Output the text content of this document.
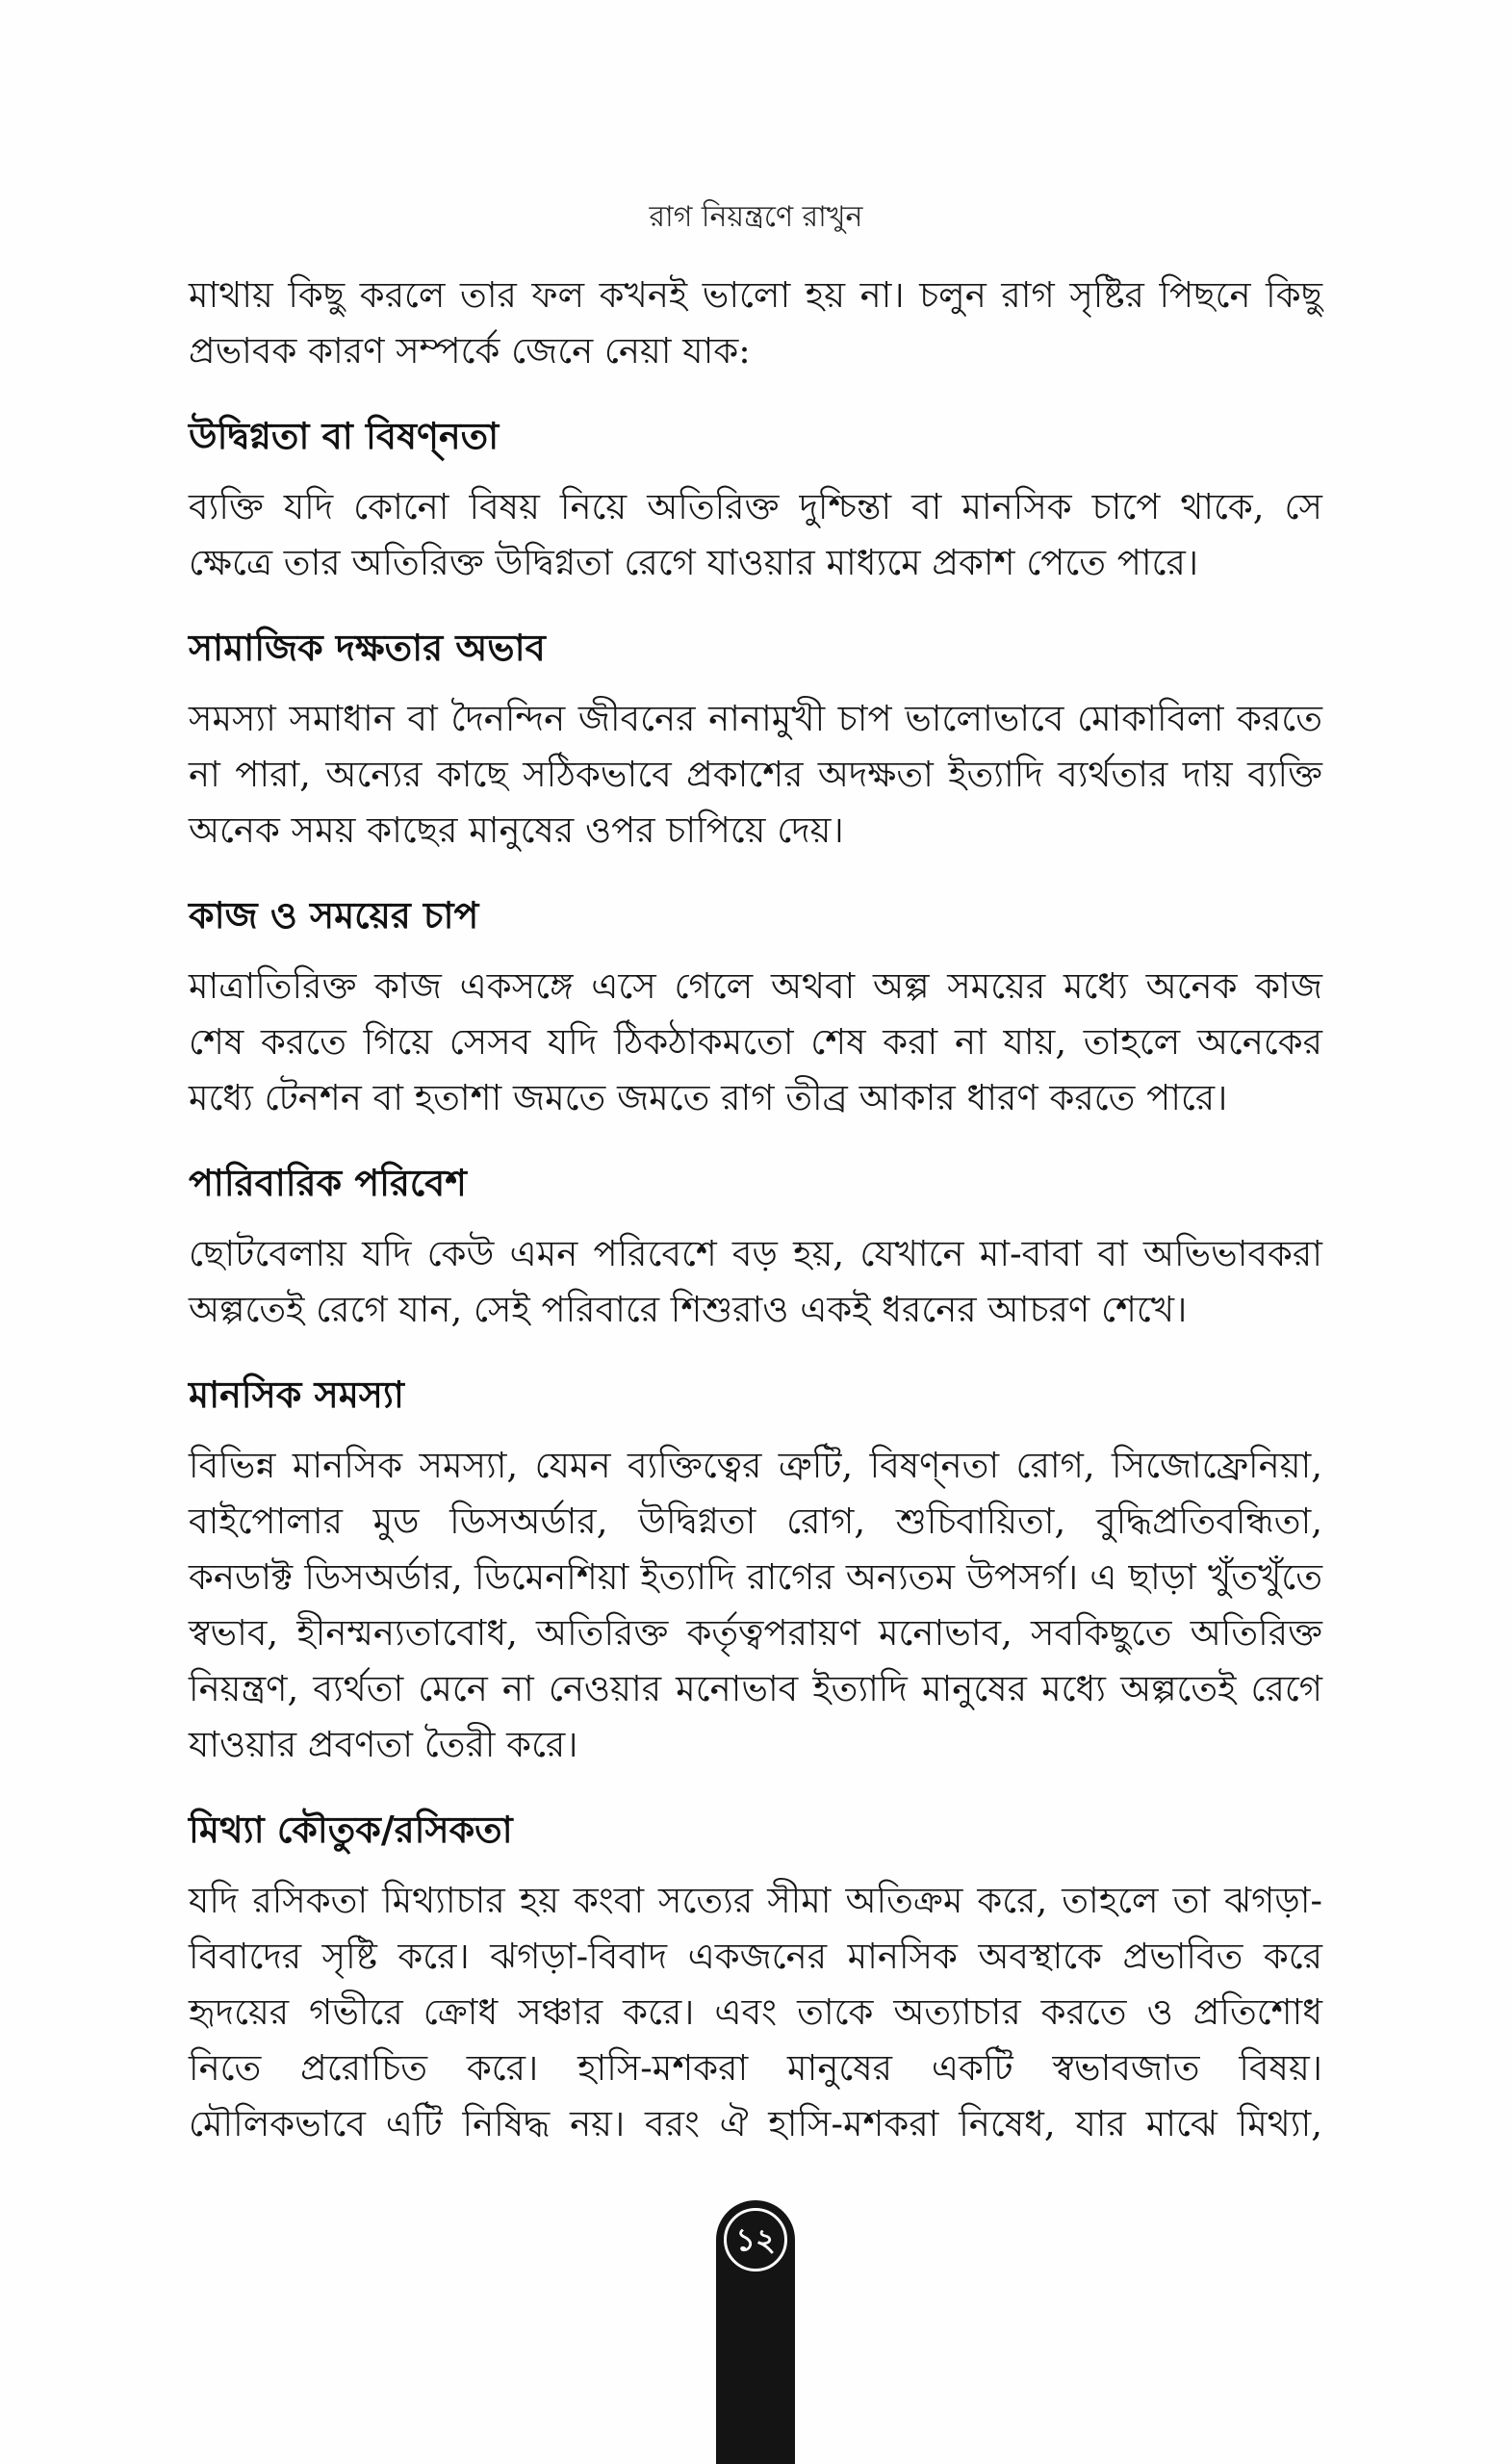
রাগ নিয়ন্ত্রণে রাখুন
মাথায় কিছু করলে তার ফল কখনই ভালো হয় না। চলুন রাগ সৃষ্টির পিছনে কিছু
প্রভাবক কারণ সম্পর্কে জেনে নেয়া যাক:
উদ্বিগ্নতা বা বিষণ্নতা
ব্যক্তি যদি কোনো বিষয় নিয়ে অতিরিক্ত দুশ্চিন্তা বা মানসিক চাপে থাকে, সে
ক্ষেত্রে তার অতিরিক্ত উদ্বিগ্নতা রেগে যাওয়ার মাধ্যমে প্রকাশ পেতে পারে।
সামাজিক দক্ষতার অভাব
সমস্যা সমাধান বা দৈনন্দিন জীবনের নানামুখী চাপ ভালোভাবে মোকাবিলা করতে
না পারা, অন্যের কাছে সঠিকভাবে প্রকাশের অদক্ষতা ইত্যাদি ব্যর্থতার দায় ব্যক্তি
অনেক সময় কাছের মানুষের ওপর চাপিয়ে দেয়।
কাজ ও সময়ের চাপ
মাত্রাতিরিক্ত কাজ একসঙ্গে এসে গেলে অথবা অল্প সময়ের মধ্যে অনেক কাজ
শেষ করতে গিয়ে সেসব যদি ঠিকঠাকমতো শেষ করা না যায়, তাহলে অনেকের
মধ্যে টেনশন বা হতাশা জমতে জমতে রাগ তীব্র আকার ধারণ করতে পারে।
পারিবারিক পরিবেশ
ছোটবেলায় যদি কেউ এমন পরিবেশে বড় হয়, যেখানে মা-বাবা বা অভিভাবকরা
অল্পতেই রেগে যান, সেই পরিবারে শিশুরাও একই ধরনের আচরণ শেখে।
মানসিক সমস্যা
বিভিন্ন মানসিক সমস্যা, যেমন ব্যক্তিত্বের ত্রুটি, বিষণ্নতা রোগ, সিজোফ্রেনিয়া,
বাইপোলার মুড ডিসঅর্ডার, উদ্বিগ্নতা রোগ, শুচিবায়িতা, বুদ্ধিপ্রতিবন্ধিতা,
কনডাক্ট ডিসঅর্ডার, ডিমেনশিয়া ইত্যাদি রাগের অন্যতম উপসর্গ। এ ছাড়া খুঁতখুঁতে
স্বভাব, হীনম্মন্যতাবোধ, অতিরিক্ত কর্তৃত্বপরায়ণ মনোভাব, সবকিছুতে অতিরিক্ত
নিয়ন্ত্রণ, ব্যর্থতা মেনে না নেওয়ার মনোভাব ইত্যাদি মানুষের মধ্যে অল্পতেই রেগে
যাওয়ার প্রবণতা তৈরী করে।
মিথ্যা কৌতুক/রসিকতা
যদি রসিকতা মিথ্যাচার হয় কংবা সত্যের সীমা অতিক্রম করে, তাহলে তা ঝগড়া-
বিবাদের সৃষ্টি করে। ঝগড়া-বিবাদ একজনের মানসিক অবস্থাকে প্রভাবিত করে
হৃদয়ের গভীরে ক্রোধ সঞ্চার করে। এবং তাকে অত্যাচার করতে ও প্রতিশোধ
নিতে প্ররোচিত করে। হাসি-মশকরা মানুষের একটি স্বভাবজাত বিষয়।
মৌলিকভাবে এটি নিষিদ্ধ নয়। বরং ঐ হাসি-মশকরা নিষেধ, যার মাঝে মিথ্যা,
১২
